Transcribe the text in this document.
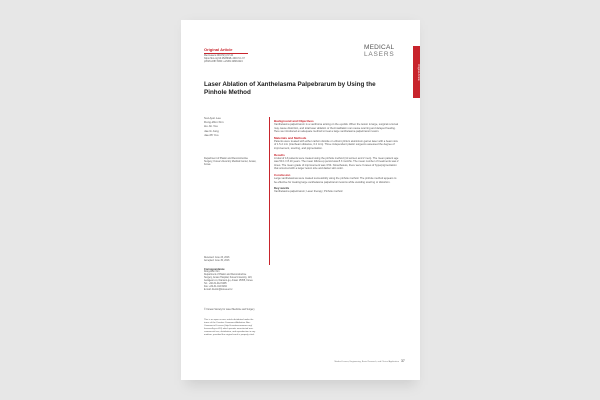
Original Article
Original Article
Med Lasers 2016;5(1):37-40
https://doi.org/10.25289/ML.2016.5.1.37
pISSN 2287-8300 • eISSN 2288-0224
MEDICAL
LASERS
Laser Ablation of Xanthelasma Palpebrarum by Using the Pinhole Method
Su-Hyun Lee
Dong-Won Kim
Ho Jin You
Jae Ik Jung
Jae-Pil Yoo
Department of Plastic and Reconstructive
Surgery, Korea University Medical Center, Ansan,
Korea
Background and Objectives
Xanthelasma palpebrarum is a xanthoma arising on the eyelids. When the lesion is large, surgical removal may cause distortion, and total laser ablation or thermoablation can cause scarring and delayed healing. Here we introduced an adequate method to treat a large xanthelasma palpebrarum lesion.
Materials and Methods
Patients were treated with either carbon dioxide or erbium:yttrium aluminium garnet laser with a beam size of 1.5-2 mm (interbeam distance, 0.2 mm). Three independent plastic surgeons assessed the degree of improvement, scarring, and pigmentation.
Results
A total of 13 patients were treated using the pinhole method (11 women and 2 men). The mean patient age was 50.1 ± 8.10 years. The mean follow-up period was 8.3 months. The mean number of treatments was 2 times. The mean grade of improvement was 3.54. Nonetheless, there were 3 cases of hyperpigmentation that occurred with a larger lesion size and darker skin color.
Conclusion
Large xanthelasmas were treated successfully using the pinhole method. The pinhole method appears to be effective for treating large xanthelasma palpebrarum lesions while avoiding scarring or distortion.
Key words
Xanthelasma palpebrarum; Laser therapy; Pinhole method
Received: June 23, 2016
Accepted: June 30, 2016
Correspondence
Dong-Won Kim
Department of Plastic and Reconstructive
Surgery, Ansan Hospital, Korea University, 123,
Jeokgeum-ro, Danwon-gu, Ansan 15355, Korea
Tel.: +82-31-412-5295
Fax: +82-31-412-5294
E-mail: dw.kim@korea.ac.kr
© Korean Society for Laser Medicine and Surgery
This is an open-access article distributed under the
terms of the Creative Commons Attribution Non-
Commercial License (http://creativecommons.org/
licenses/by-nc/4.0) which permits unrestricted non-
commercial use, distribution, and reproduction in any
medium, provided the original work is properly cited.
Medical Lasers; Engineering, Basic Research, and Clinical Application 37
